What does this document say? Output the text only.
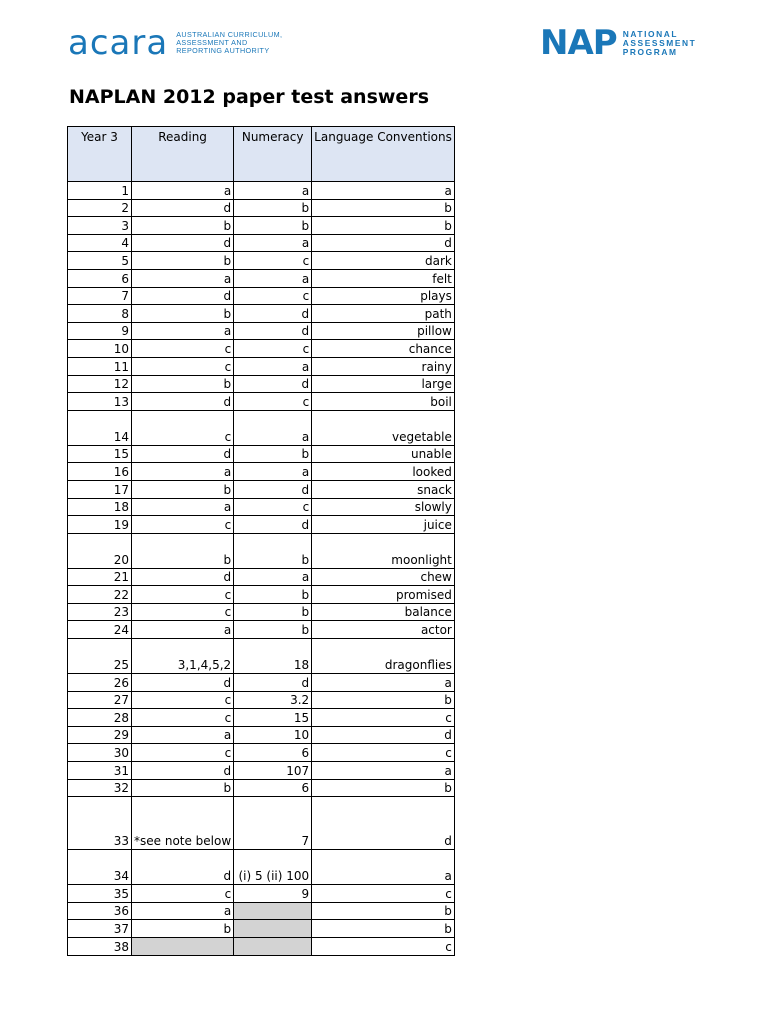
acara AUSTRALIAN CURRICULUM,
ASSESSMENT AND
REPORTING AUTHORITY	NAP NATIONAL
ASSESSMENT
PROGRAM
NAPLAN 2012 paper test answers
Year 3	Reading	Numeracy	Language Conventions
1	a	a	a
2	d	b	b
3	b	b	b
4	d	a	d
5	b	c	dark
6	a	a	felt
7	d	c	plays
8	b	d	path
9	a	d	pillow
10	c	c	chance
11	c	a	rainy
12	b	d	large
13	d	c	boil
14	c	a	vegetable
15	d	b	unable
16	a	a	looked
17	b	d	snack
18	a	c	slowly
19	c	d	juice
20	b	b	moonlight
21	d	a	chew
22	c	b	promised
23	c	b	balance
24	a	b	actor
25	3,1,4,5,2	18	dragonflies
26	d	d	a
27	c	3.2	b
28	c	15	c
29	a	10	d
30	c	6	c
31	d	107	a
32	b	6	b
33	*see note below	7	d
34	d	(i) 5 (ii) 100	a
35	c	9	c
36	a		b
37	b		b
38			c
